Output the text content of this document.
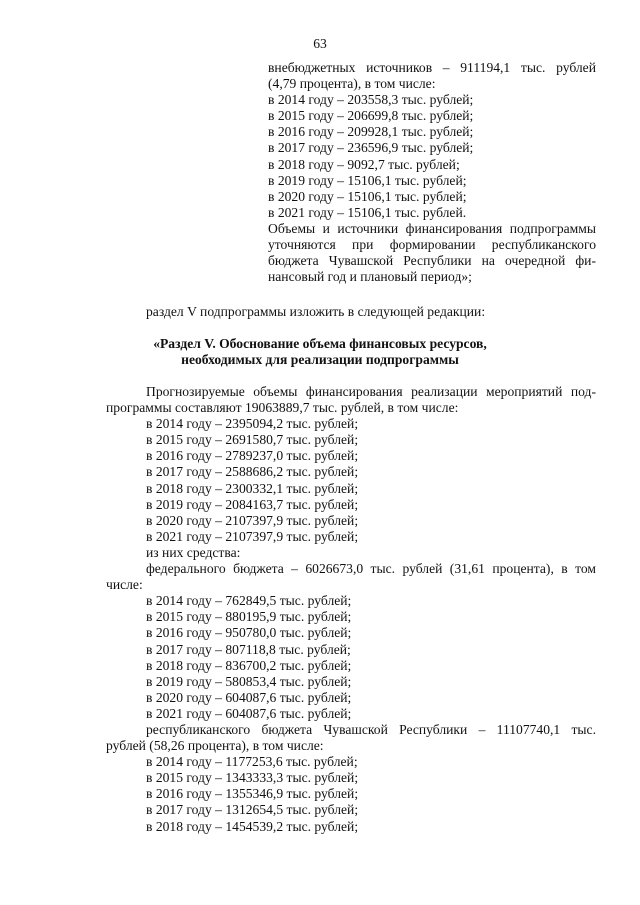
63
внебюджетных источников – 911194,1 тыс. рублей
(4,79 процента), в том числе:
в 2014 году – 203558,3 тыс. рублей;
в 2015 году – 206699,8 тыс. рублей;
в 2016 году – 209928,1 тыс. рублей;
в 2017 году – 236596,9 тыс. рублей;
в 2018 году – 9092,7 тыс. рублей;
в 2019 году – 15106,1 тыс. рублей;
в 2020 году – 15106,1 тыс. рублей;
в 2021 году – 15106,1 тыс. рублей.
Объемы и источники финансирования подпрограммы
уточняются при формировании республиканского
бюджета Чувашской Республики на очередной фи-
нансовый год и плановый период»;
раздел V подпрограммы изложить в следующей редакции:
«Раздел V. Обоснование объема финансовых ресурсов,
необходимых для реализации подпрограммы
Прогнозируемые объемы финансирования реализации мероприятий под-
программы составляют 19063889,7 тыс. рублей, в том числе:
в 2014 году – 2395094,2 тыс. рублей;
в 2015 году – 2691580,7 тыс. рублей;
в 2016 году – 2789237,0 тыс. рублей;
в 2017 году – 2588686,2 тыс. рублей;
в 2018 году – 2300332,1 тыс. рублей;
в 2019 году – 2084163,7 тыс. рублей;
в 2020 году – 2107397,9 тыс. рублей;
в 2021 году – 2107397,9 тыс. рублей;
из них средства:
федерального бюджета – 6026673,0 тыс. рублей (31,61 процента), в том
числе:
в 2014 году – 762849,5 тыс. рублей;
в 2015 году – 880195,9 тыс. рублей;
в 2016 году – 950780,0 тыс. рублей;
в 2017 году – 807118,8 тыс. рублей;
в 2018 году – 836700,2 тыс. рублей;
в 2019 году – 580853,4 тыс. рублей;
в 2020 году – 604087,6 тыс. рублей;
в 2021 году – 604087,6 тыс. рублей;
республиканского бюджета Чувашской Республики – 11107740,1 тыс.
рублей (58,26 процента), в том числе:
в 2014 году – 1177253,6 тыс. рублей;
в 2015 году – 1343333,3 тыс. рублей;
в 2016 году – 1355346,9 тыс. рублей;
в 2017 году – 1312654,5 тыс. рублей;
в 2018 году – 1454539,2 тыс. рублей;
